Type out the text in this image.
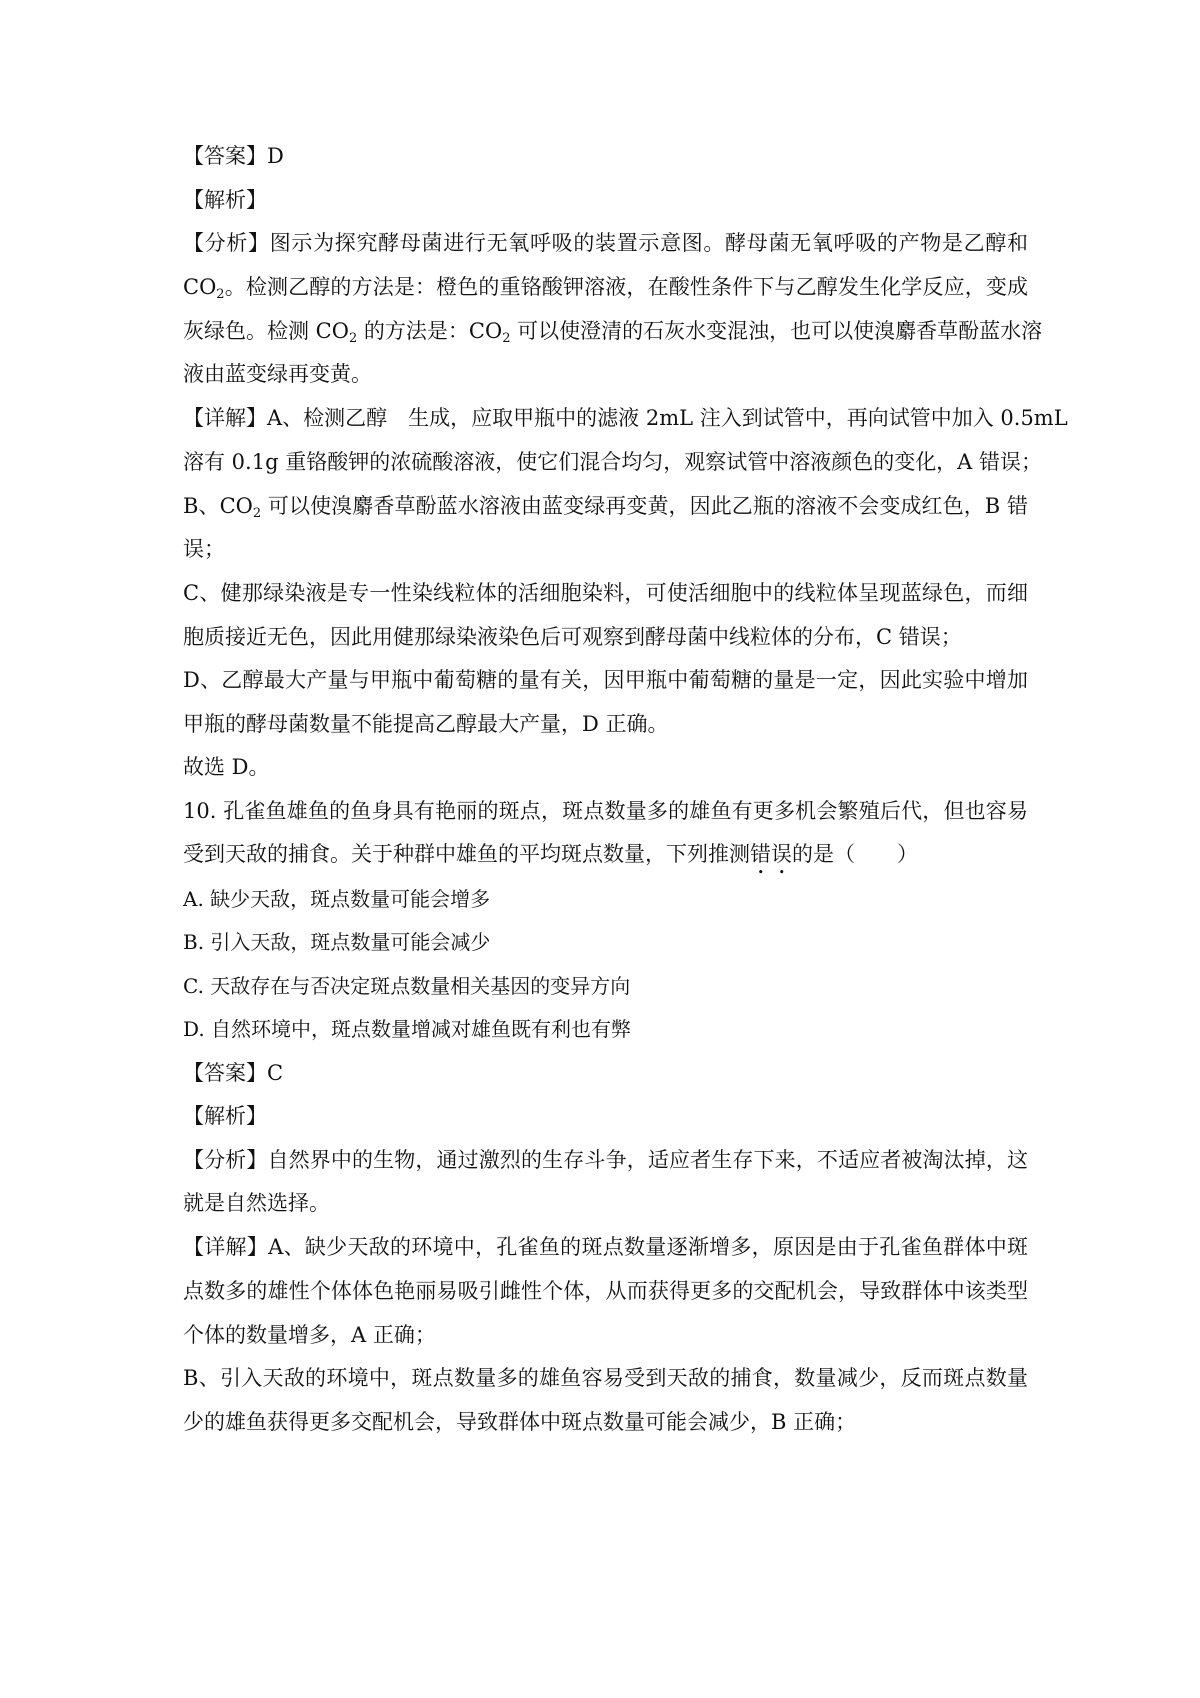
【答案】D
【解析】
【分析】图示为探究酵母菌进行无氧呼吸的装置示意图。酵母菌无氧呼吸的产物是乙醇和
$CO_2$。检测乙醇的方法是：橙色的重铬酸钾溶液，在酸性条件下与乙醇发生化学反应，变成
灰绿色。检测 $CO_2$ 的方法是：$CO_2$ 可以使澄清的石灰水变混浊，也可以使溴麝香草酚蓝水溶
液由蓝变绿再变黄。
【详解】A、检测乙醇　生成，应取甲瓶中的滤液 2mL 注入到试管中，再向试管中加入 0.5mL
溶有 0.1g 重铬酸钾的浓硫酸溶液，使它们混合均匀，观察试管中溶液颜色的变化，A 错误；
B、$CO_2$ 可以使溴麝香草酚蓝水溶液由蓝变绿再变黄，因此乙瓶的溶液不会变成红色，B 错
误；
C、健那绿染液是专一性染线粒体的活细胞染料，可使活细胞中的线粒体呈现蓝绿色，而细
胞质接近无色，因此用健那绿染液染色后可观察到酵母菌中线粒体的分布，C 错误；
D、乙醇最大产量与甲瓶中葡萄糖的量有关，因甲瓶中葡萄糖的量是一定，因此实验中增加
甲瓶的酵母菌数量不能提高乙醇最大产量，D 正确。
故选 D。
10. 孔雀鱼雄鱼的鱼身具有艳丽的斑点，斑点数量多的雄鱼有更多机会繁殖后代，但也容易
受到天敌的捕食。关于种群中雄鱼的平均斑点数量，下列推测错误的是（　　）
A. 缺少天敌，斑点数量可能会增多
B. 引入天敌，斑点数量可能会减少
C. 天敌存在与否决定斑点数量相关基因的变异方向
D. 自然环境中，斑点数量增减对雄鱼既有利也有弊
【答案】C
【解析】
【分析】自然界中的生物，通过激烈的生存斗争，适应者生存下来，不适应者被淘汰掉，这
就是自然选择。
【详解】A、缺少天敌的环境中，孔雀鱼的斑点数量逐渐增多，原因是由于孔雀鱼群体中斑
点数多的雄性个体体色艳丽易吸引雌性个体，从而获得更多的交配机会，导致群体中该类型
个体的数量增多，A 正确；
B、引入天敌的环境中，斑点数量多的雄鱼容易受到天敌的捕食，数量减少，反而斑点数量
少的雄鱼获得更多交配机会，导致群体中斑点数量可能会减少，B 正确；
